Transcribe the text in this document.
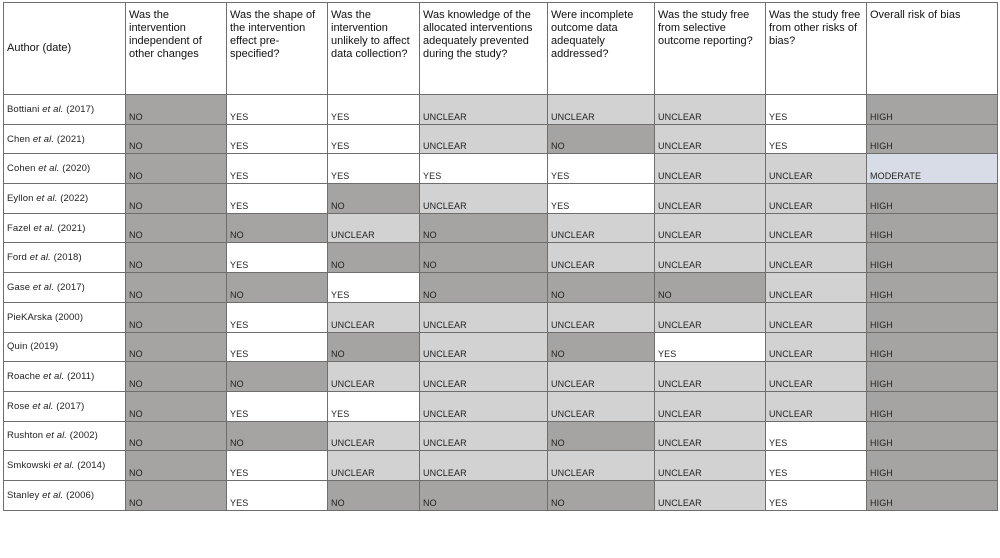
Author (date)	Was the intervention independent of other changes	Was the shape of the intervention effect pre-specified?	Was the intervention unlikely to affect data collection?	Was knowledge of the allocated interventions adequately prevented during the study?	Were incomplete outcome data adequately addressed?	Was the study free from selective outcome reporting?	Was the study free from other risks of bias?	Overall risk of bias
Bottiani et al. (2017)	NO	YES	YES	UNCLEAR	UNCLEAR	UNCLEAR	YES	HIGH
Chen et al. (2021)	NO	YES	YES	UNCLEAR	NO	UNCLEAR	YES	HIGH
Cohen et al. (2020)	NO	YES	YES	YES	YES	UNCLEAR	UNCLEAR	MODERATE
Eyllon et al. (2022)	NO	YES	NO	UNCLEAR	YES	UNCLEAR	UNCLEAR	HIGH
Fazel et al. (2021)	NO	NO	UNCLEAR	NO	UNCLEAR	UNCLEAR	UNCLEAR	HIGH
Ford et al. (2018)	NO	YES	NO	NO	UNCLEAR	UNCLEAR	UNCLEAR	HIGH
Gase et al. (2017)	NO	NO	YES	NO	NO	NO	UNCLEAR	HIGH
PieKArska (2000)	NO	YES	UNCLEAR	UNCLEAR	UNCLEAR	UNCLEAR	UNCLEAR	HIGH
Quin (2019)	NO	YES	NO	UNCLEAR	NO	YES	UNCLEAR	HIGH
Roache et al. (2011)	NO	NO	UNCLEAR	UNCLEAR	UNCLEAR	UNCLEAR	UNCLEAR	HIGH
Rose et al. (2017)	NO	YES	YES	UNCLEAR	UNCLEAR	UNCLEAR	UNCLEAR	HIGH
Rushton et al. (2002)	NO	NO	UNCLEAR	UNCLEAR	NO	UNCLEAR	YES	HIGH
Smkowski et al. (2014)	NO	YES	UNCLEAR	UNCLEAR	UNCLEAR	UNCLEAR	YES	HIGH
Stanley et al. (2006)	NO	YES	NO	NO	NO	UNCLEAR	YES	HIGH
